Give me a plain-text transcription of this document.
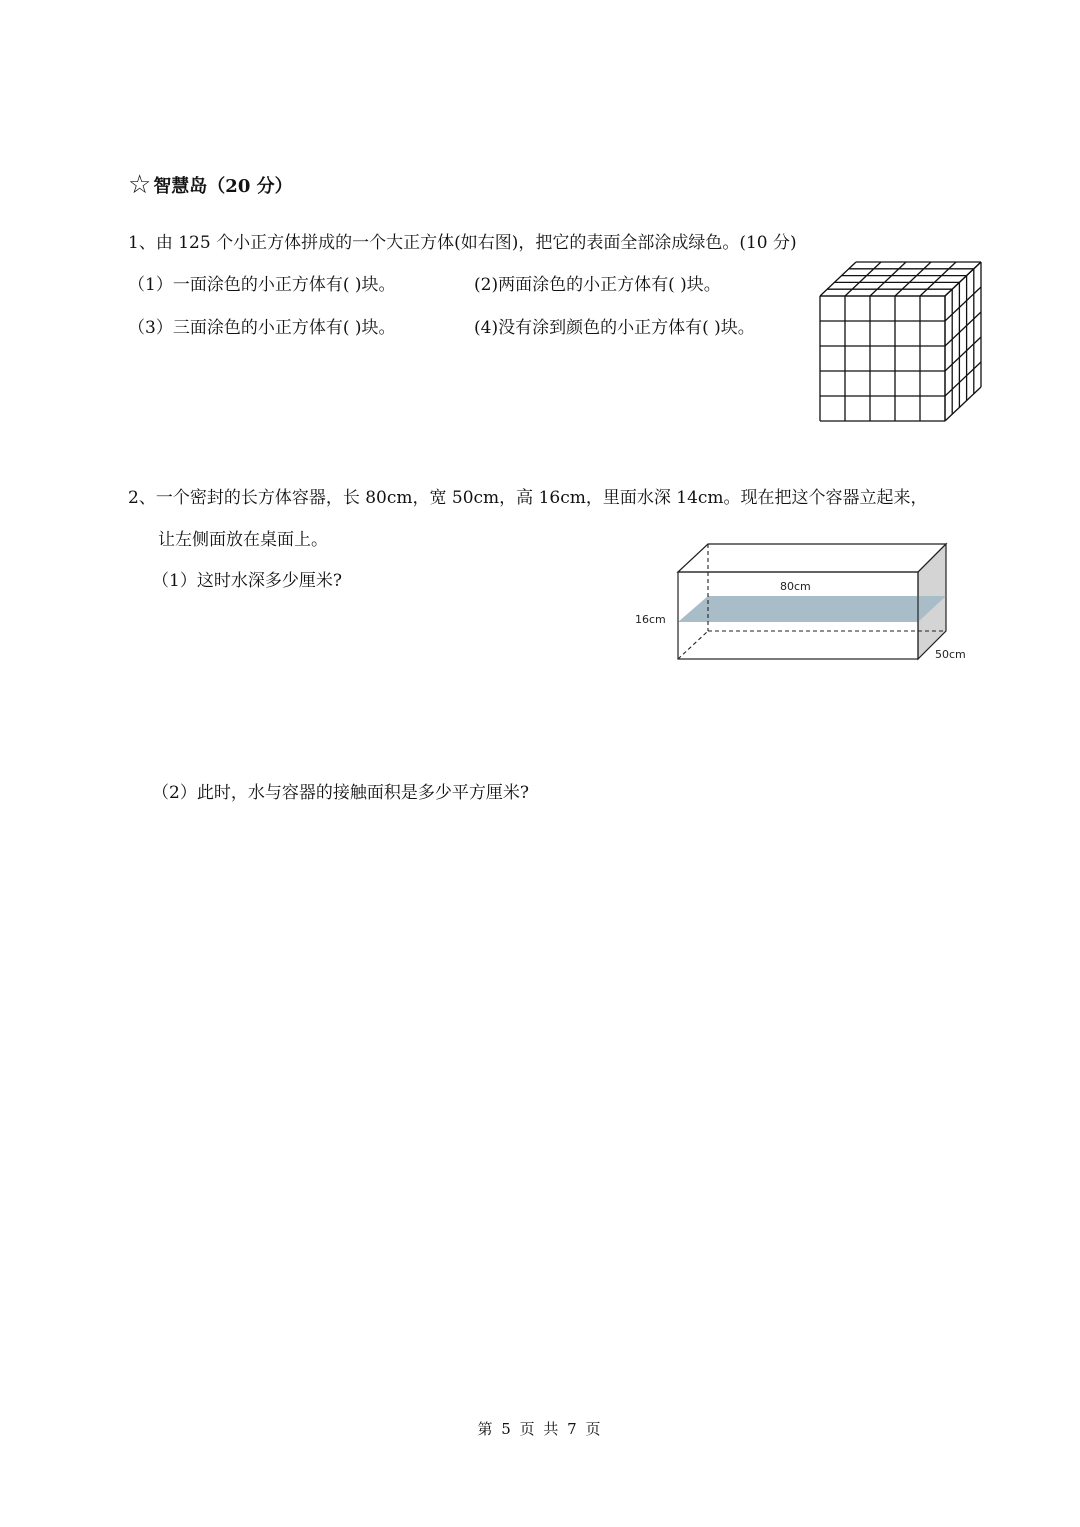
☆ 智慧岛（20 分）
1、由 125 个小正方体拼成的一个大正方体(如右图)，把它的表面全部涂成绿色。(10 分)
（1）一面涂色的小正方体有( )块。	(2)两面涂色的小正方体有( )块。
（3）三面涂色的小正方体有( )块。	(4)没有涂到颜色的小正方体有( )块。
2、一个密封的长方体容器，长 80cm，宽 50cm，高 16cm，里面水深 14cm。现在把这个容器立起来，
让左侧面放在桌面上。
（1）这时水深多少厘米?
（2）此时，水与容器的接触面积是多少平方厘米?
80cm
16cm
50cm
第 5 页 共 7 页
